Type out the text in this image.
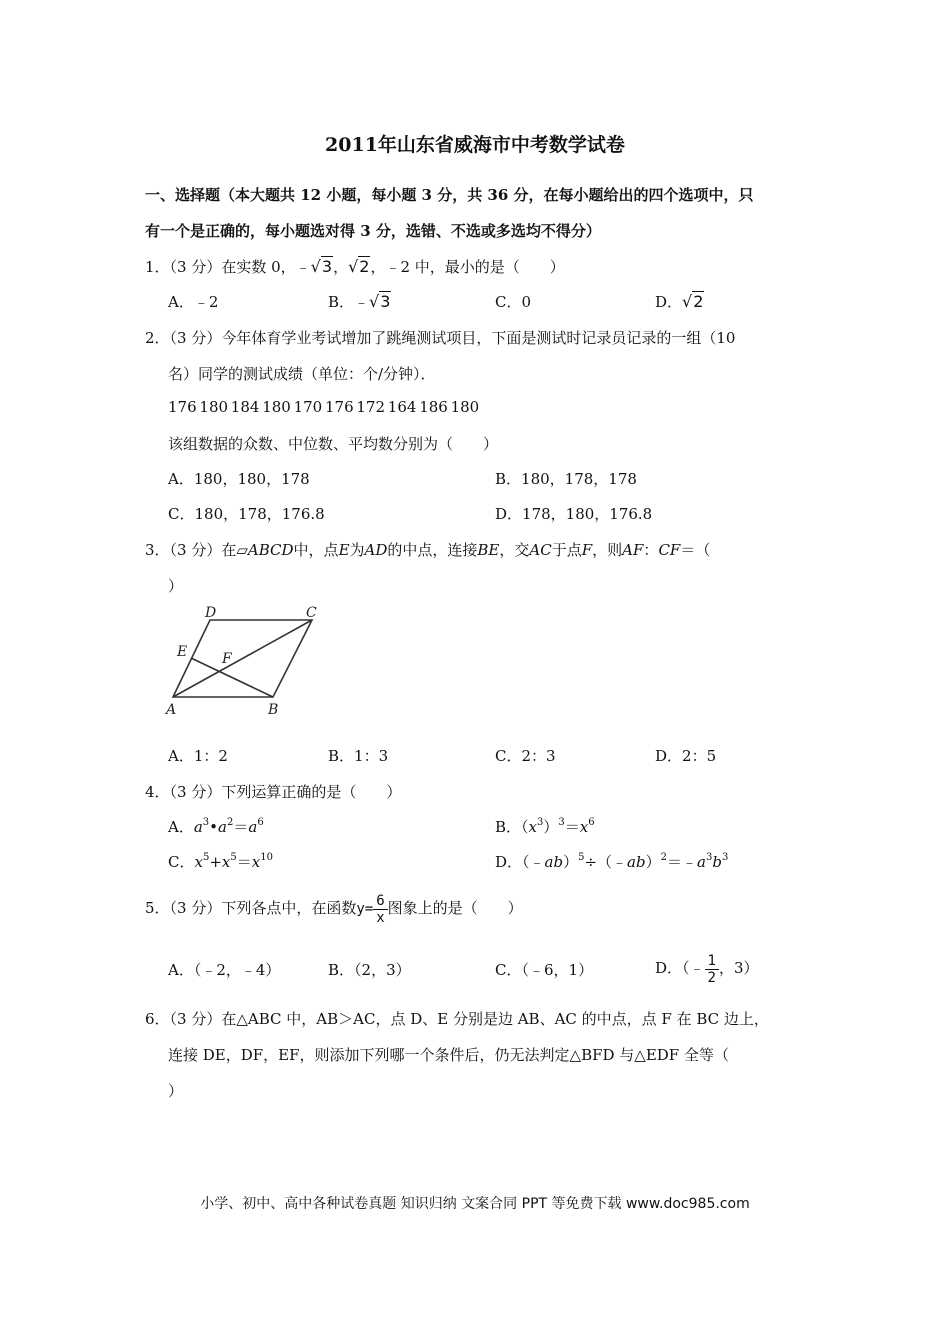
2011年山东省威海市中考数学试卷
一、选择题（本大题共 12 小题，每小题 3 分，共 36 分，在每小题给出的四个选项中，只
有一个是正确的，每小题选对得 3 分，选错、不选或多选均不得分）
1．（3 分）在实数 0，﹣√3，√2，﹣2 中，最小的是（　　）
A．﹣2	B．﹣√3	C．0	D．√2
2．（3 分）今年体育学业考试增加了跳绳测试项目，下面是测试时记录员记录的一组（10
名）同学的测试成绩（单位：个/分钟）．
176 180 184 180 170 176 172 164 186 180
该组数据的众数、中位数、平均数分别为（　　）
A．180，180，178	B．180，178，178
C．180，178，176.8	D．178，180，176.8
3．（3 分）在▱ABCD中，点E为AD的中点，连接BE，交AC于点F，则AF：CF＝（
）
D	C
E F
A	B
A．1：2	B．1：3	C．2：3	D．2：5
4．（3 分）下列运算正确的是（　　）
A．$a^3•a^2=a^6$	B．$(x^3)^3=x^6$
C．$x^5+x^5=x^{10}$	D．$(﹣ab)^5\div(﹣ab)^2=﹣a^3b^3$
5．（3 分）下列各点中，在函数$y= \frac{6}{x}$ 图象上的是（　　）
A．（﹣2，﹣4）	B．（2，3）	C．（﹣6，1）	D．（﹣ $\frac{1}{2}$ ，3）
6．（3 分）在△ABC 中，AB＞AC，点 D、E 分别是边 AB、AC 的中点，点 F 在 BC 边上，
连接 DE，DF，EF，则添加下列哪一个条件后，仍无法判定△BFD 与△EDF 全等（
）
小学、初中、高中各种试卷真题 知识归纳 文案合同 PPT 等免费下载 www.doc985.com
